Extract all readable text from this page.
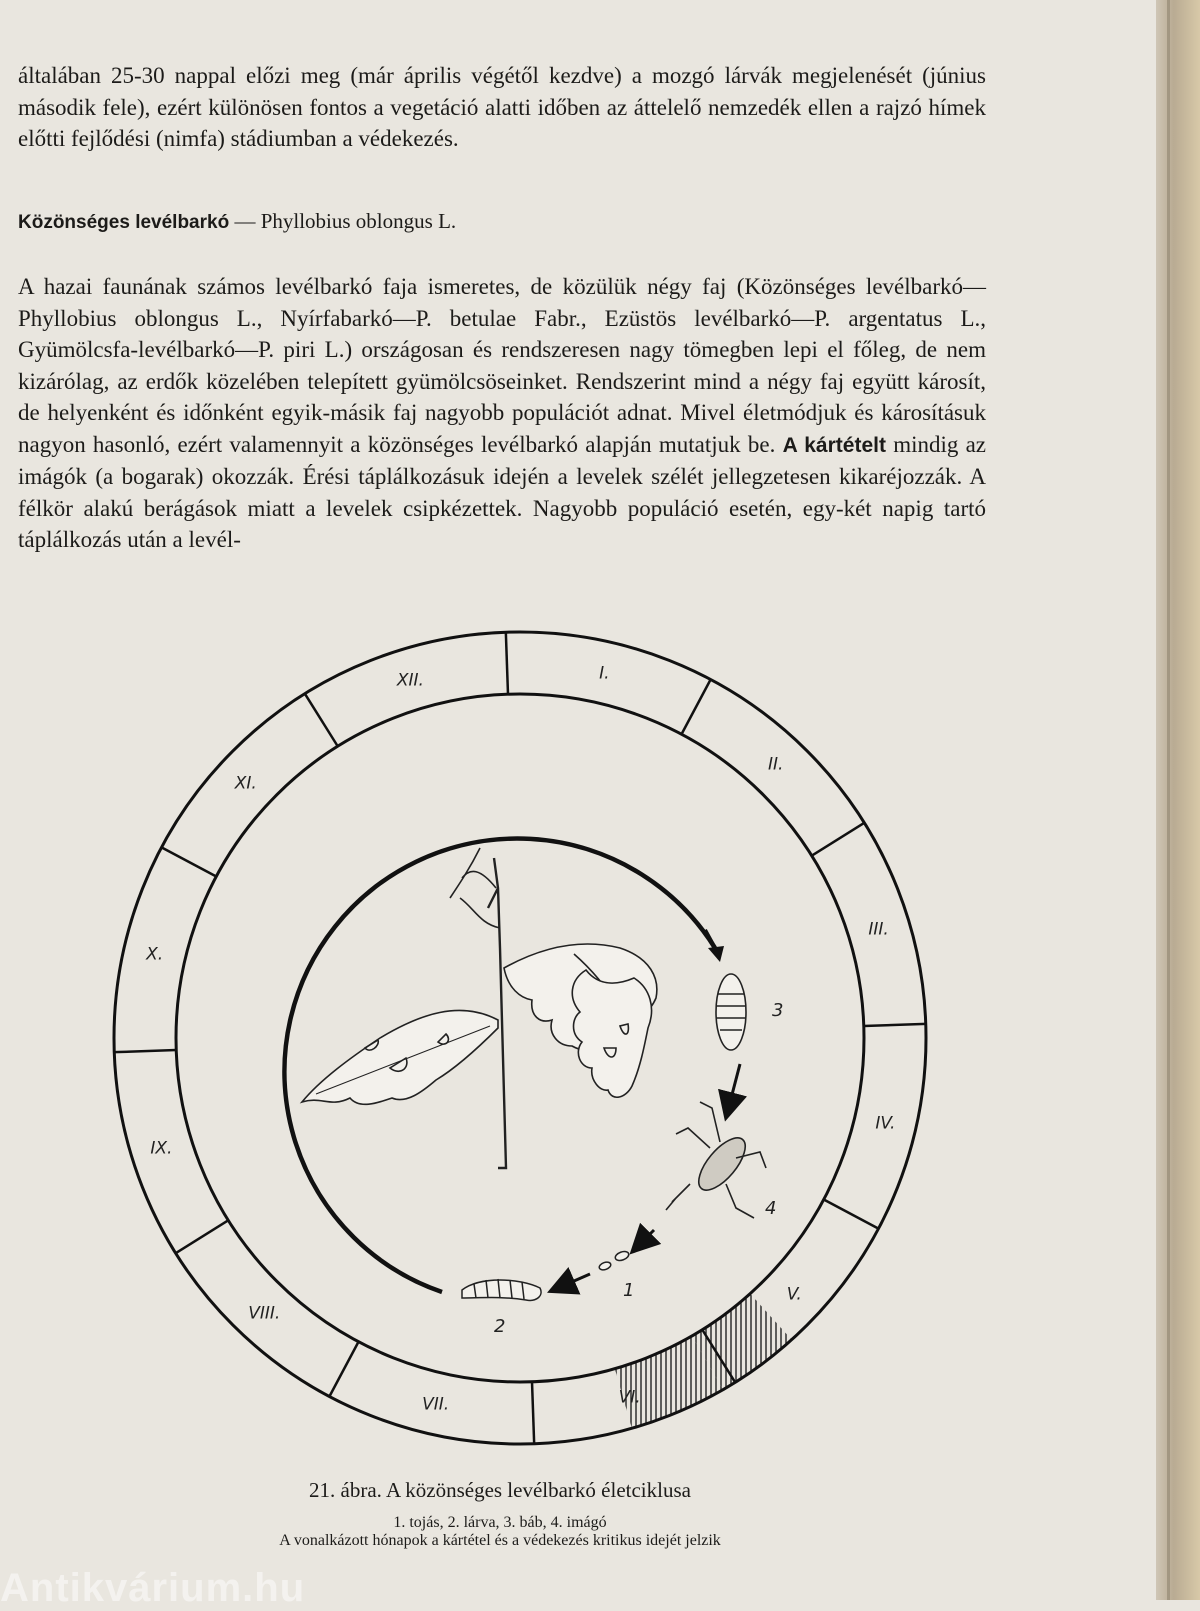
általában 25-30 nappal előzi meg (már április végétől kezdve) a mozgó lárvák megjelenését (június második fele), ezért különösen fontos a vegetáció alatti időben az áttelelő nemzedék ellen a rajzó hímek előtti fejlődési (nimfa) stádiumban a védekezés.
Közönséges levélbarkó — Phyllobius oblongus L.
A hazai faunának számos levélbarkó faja ismeretes, de közülük négy faj (Közönséges levélbarkó—Phyllobius oblongus L., Nyírfabarkó—P. betulae Fabr., Ezüstös levélbarkó—P. argentatus L., Gyümölcsfa-levélbarkó—P. piri L.) országosan és rendszeresen nagy tömegben lepi el főleg, de nem kizárólag, az erdők közelében telepített gyümölcsöseinket. Rendszerint mind a négy faj együtt károsít, de helyenként és időnként egyik-másik faj nagyobb populációt adnat. Mivel életmódjuk és károsításuk nagyon hasonló, ezért valamennyit a közönséges levélbarkó alapján mutatjuk be. A kártételt mindig az imágók (a bogarak) okozzák. Érési táplálkozásuk idején a levelek szélét jellegzetesen kikaréjozzák. A félkör alakú berágások miatt a levelek csipkézettek. Nagyobb populáció esetén, egy-két napig tartó táplálkozás után a levél-
I.
II.
III.
IV.
V.
VI.
VII.
VIII.
IX.
X.
XI.
XII.
3
4
1
2
21. ábra. A közönséges levélbarkó életciklusa
1. tojás, 2. lárva, 3. báb, 4. imágó
A vonalkázott hónapok a kártétel és a védekezés kritikus idejét jelzik
Antikvárium.hu
